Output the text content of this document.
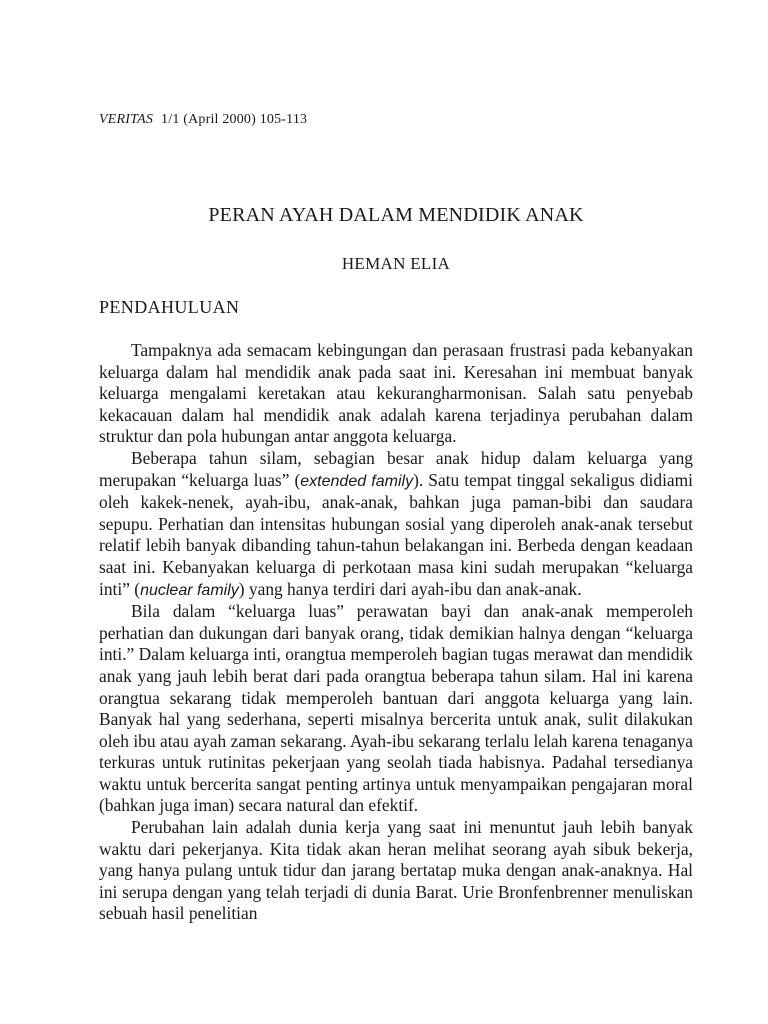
VERITAS 1/1 (April 2000) 105-113
PERAN AYAH DALAM MENDIDIK ANAK
HEMAN ELIA
PENDAHULUAN

Tampaknya ada semacam kebingungan dan perasaan frustrasi pada kebanyakan keluarga dalam hal mendidik anak pada saat ini. Keresahan ini membuat banyak keluarga mengalami keretakan atau kekurangharmonisan. Salah satu penyebab kekacauan dalam hal mendidik anak adalah karena terjadinya perubahan dalam struktur dan pola hubungan antar anggota keluarga.

Beberapa tahun silam, sebagian besar anak hidup dalam keluarga yang merupakan “keluarga luas” (extended family). Satu tempat tinggal sekaligus didiami oleh kakek-nenek, ayah-ibu, anak-anak, bahkan juga paman-bibi dan saudara sepupu. Perhatian dan intensitas hubungan sosial yang diperoleh anak-anak tersebut relatif lebih banyak dibanding tahun-tahun belakangan ini. Berbeda dengan keadaan saat ini. Kebanyakan keluarga di perkotaan masa kini sudah merupakan “keluarga inti” (nuclear family) yang hanya terdiri dari ayah-ibu dan anak-anak.

Bila dalam “keluarga luas” perawatan bayi dan anak-anak memperoleh perhatian dan dukungan dari banyak orang, tidak demikian halnya dengan “keluarga inti.” Dalam keluarga inti, orangtua memperoleh bagian tugas merawat dan mendidik anak yang jauh lebih berat dari pada orangtua beberapa tahun silam. Hal ini karena orangtua sekarang tidak memperoleh bantuan dari anggota keluarga yang lain. Banyak hal yang sederhana, seperti misalnya bercerita untuk anak, sulit dilakukan oleh ibu atau ayah zaman sekarang. Ayah-ibu sekarang terlalu lelah karena tenaganya terkuras untuk rutinitas pekerjaan yang seolah tiada habisnya. Padahal tersedianya waktu untuk bercerita sangat penting artinya untuk menyampaikan pengajaran moral (bahkan juga iman) secara natural dan efektif.

Perubahan lain adalah dunia kerja yang saat ini menuntut jauh lebih banyak waktu dari pekerjanya. Kita tidak akan heran melihat seorang ayah sibuk bekerja, yang hanya pulang untuk tidur dan jarang bertatap muka dengan anak-anaknya. Hal ini serupa dengan yang telah terjadi di dunia Barat. Urie Bronfenbrenner menuliskan sebuah hasil penelitian
